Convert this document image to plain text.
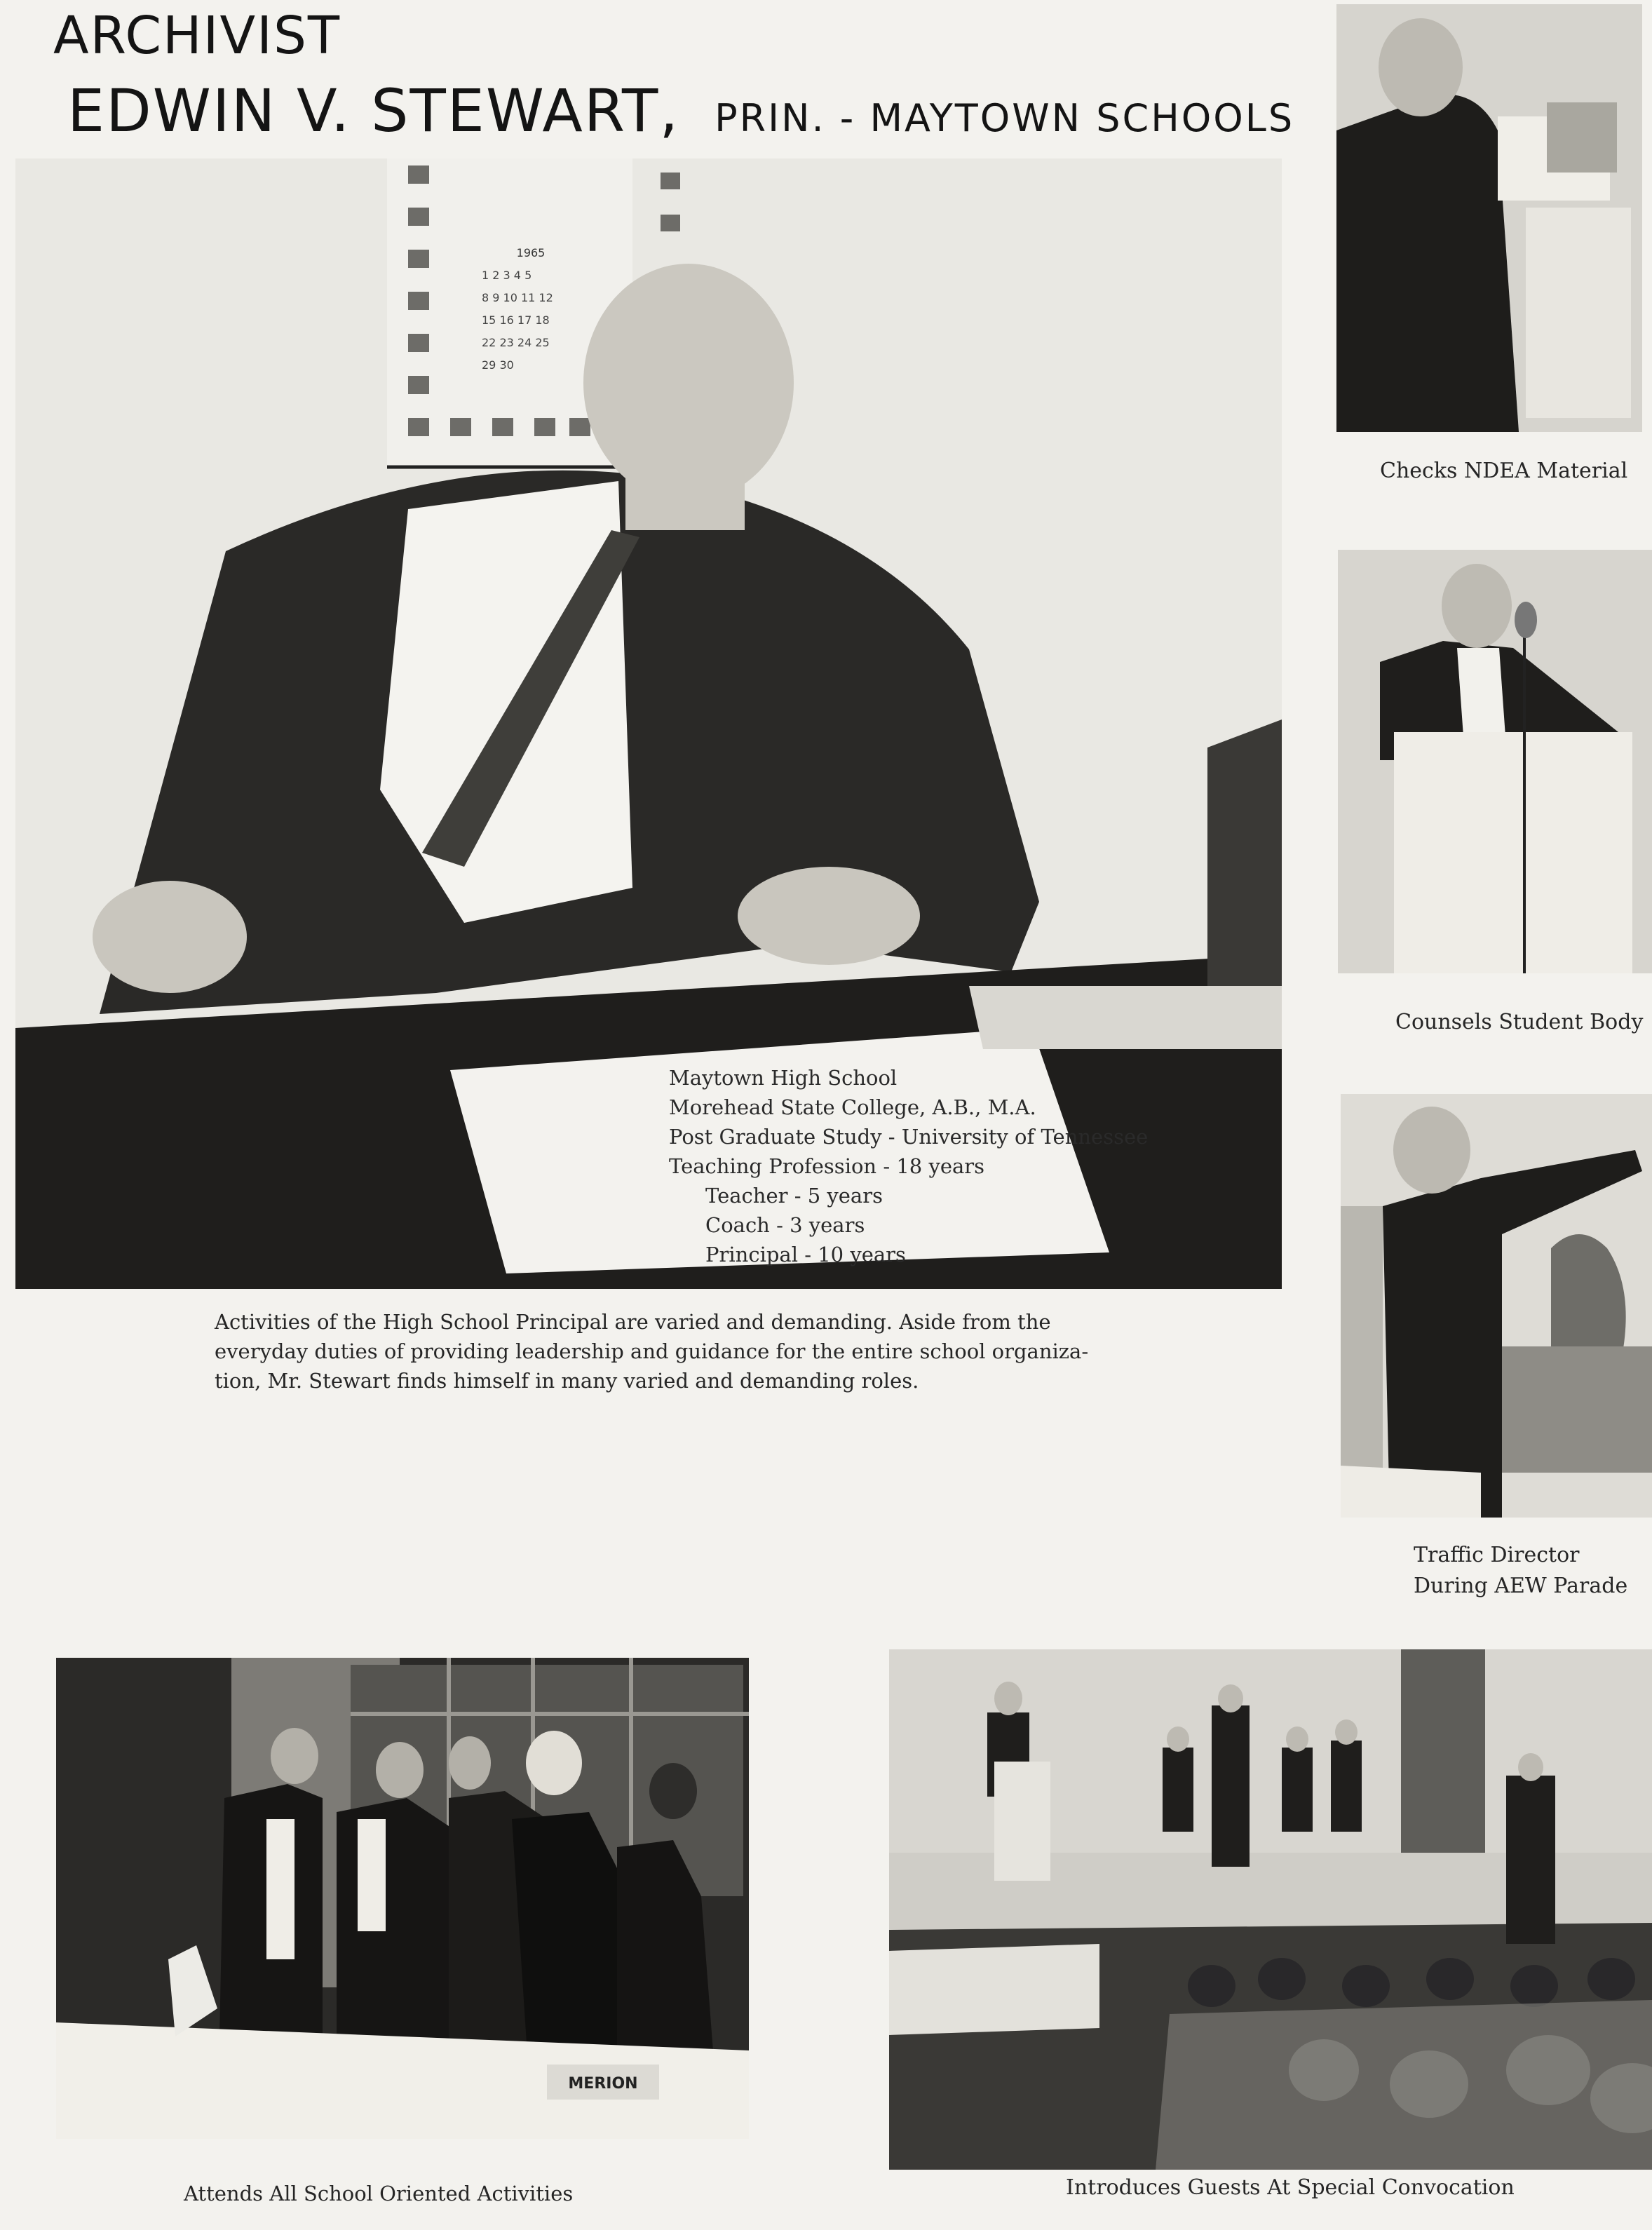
ARCHIVIST
EDWIN V. STEWART, PRIN. - MAYTOWN SCHOOLS
1965
1 2 3 4 5
8 9 10 11 12
15 16 17 18
22 23 24 25
29 30
Maytown High School
Morehead State College, A.B., M.A.
Post Graduate Study - University of Tennessee
Teaching Profession - 18 years
Teacher - 5 years
Coach - 3 years
Principal - 10 years
Activities of the High School Principal are varied and demanding. Aside from the
everyday duties of providing leadership and guidance for the entire school organiza-
tion, Mr. Stewart finds himself in many varied and demanding roles.
Checks NDEA Material
Counsels Student Body
Traffic Director
During AEW Parade
MERION
Attends All School Oriented Activities	Introduces Guests At Special Convocation
